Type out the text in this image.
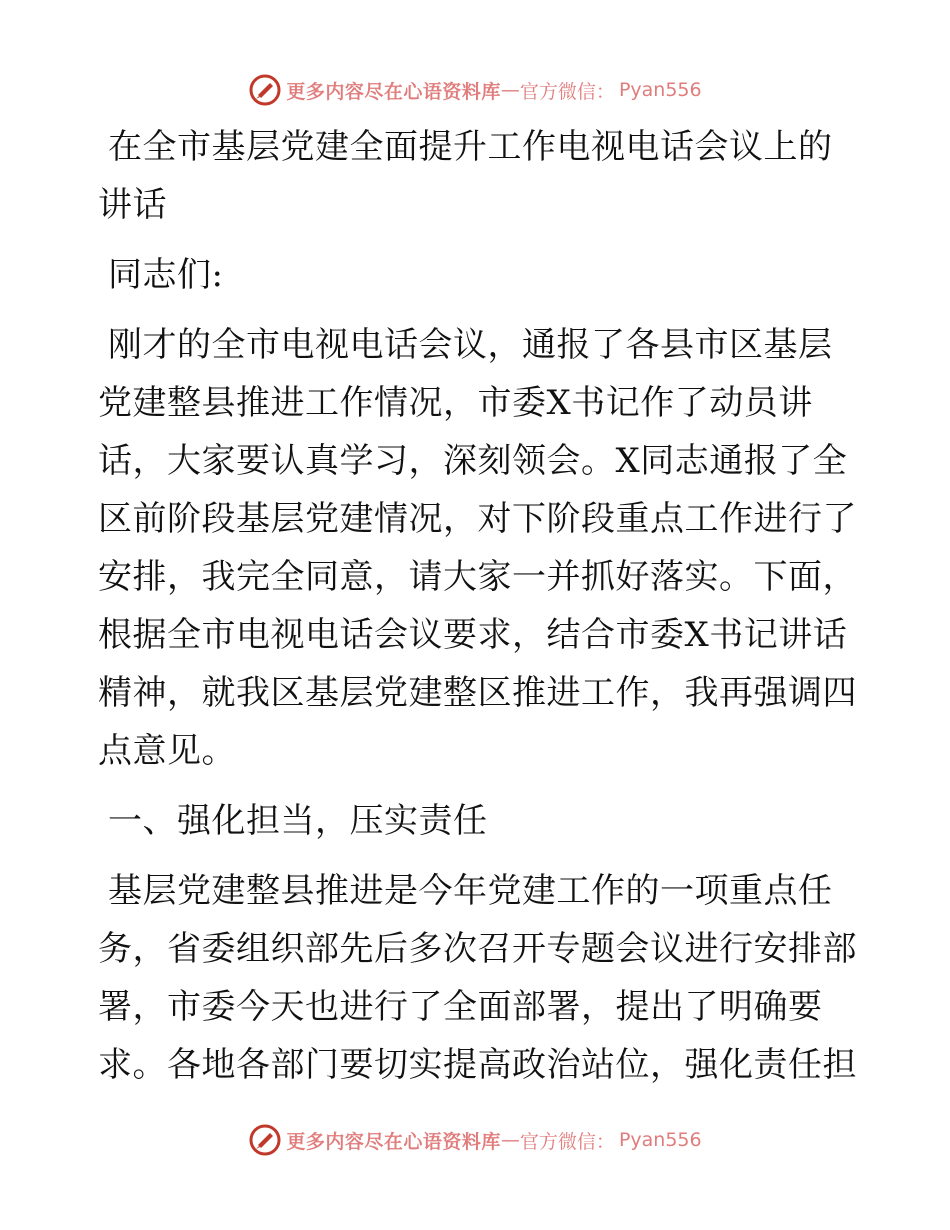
更多内容尽在心语资料库 — 官方微信： Pyan556
在全市基层党建全面提升工作电视电话会议上的
讲话

同志们:

刚才的全市电视电话会议，通报了各县市区基层党建整县推进工作情况，市委X书记作了动员讲话，大家要认真学习，深刻领会。X同志通报了全区前阶段基层党建情况，对下阶段重点工作进行了安排，我完全同意，请大家一并抓好落实。下面，根据全市电视电话会议要求，结合市委X书记讲话精神，就我区基层党建整区推进工作，我再强调四点意见。

一、强化担当，压实责任

基层党建整县推进是今年党建工作的一项重点任务，省委组织部先后多次召开专题会议进行安排部署，市委今天也进行了全面部署，提出了明确要求。各地各部门要切实提高政治站位，强化责任担

更多内容尽在心语资料库 — 官方微信： Pyan556
